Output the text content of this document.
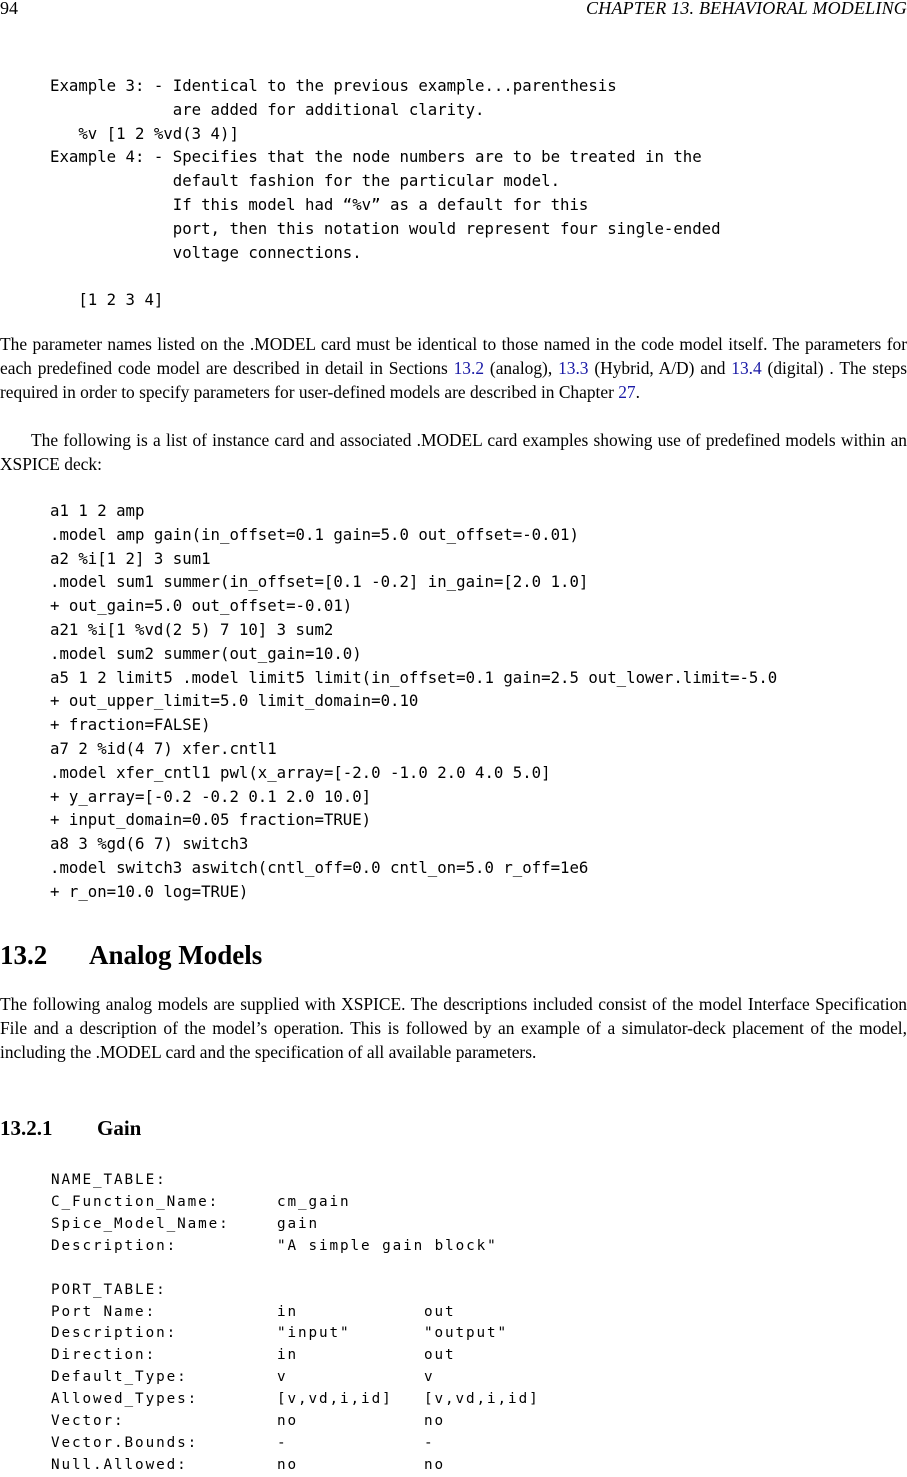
94	CHAPTER 13. BEHAVIORAL MODELING
Example 3: - Identical to the previous example...parenthesis
are added for additional clarity.
%v [1 2 %vd(3 4)]
Example 4: - Specifies that the node numbers are to be treated in the
default fashion for the particular model.
If this model had “%v” as a default for this
port, then this notation would represent four single-ended
voltage connections.

[1 2 3 4]

The parameter names listed on the .MODEL card must be identical to those named in the code model itself. The parameters for each predefined code model are described in detail in Sections 13.2 (analog), 13.3 (Hybrid, A/D) and 13.4 (digital) . The steps required in order to specify parameters for user-defined models are described in Chapter 27.

The following is a list of instance card and associated .MODEL card examples showing use of predefined models within an XSPICE deck:

a1 1 2 amp
.model amp gain(in_offset=0.1 gain=5.0 out_offset=-0.01)
a2 %i[1 2] 3 sum1
.model sum1 summer(in_offset=[0.1 -0.2] in_gain=[2.0 1.0]
+ out_gain=5.0 out_offset=-0.01)
a21 %i[1 %vd(2 5) 7 10] 3 sum2
.model sum2 summer(out_gain=10.0)
a5 1 2 limit5 .model limit5 limit(in_offset=0.1 gain=2.5 out_lower.limit=-5.0
+ out_upper_limit=5.0 limit_domain=0.10
+ fraction=FALSE)
a7 2 %id(4 7) xfer.cntl1
.model xfer_cntl1 pwl(x_array=[-2.0 -1.0 2.0 4.0 5.0]
+ y_array=[-0.2 -0.2 0.1 2.0 10.0]
+ input_domain=0.05 fraction=TRUE)
a8 3 %gd(6 7) switch3
.model switch3 aswitch(cntl_off=0.0 cntl_on=5.0 r_off=1e6
+ r_on=10.0 log=TRUE)
13.2 Analog Models

The following analog models are supplied with XSPICE. The descriptions included consist of the model Interface Specification File and a description of the model’s operation. This is followed by an example of a simulator-deck placement of the model, including the .MODEL card and the specification of all available parameters.

13.2.1 Gain
NAME_TABLE:		
C_Function_Name:	cm_gain	
Spice_Model_Name:	gain	
Description:	"A simple gain block"	

PORT_TABLE:		
Port Name:	in	out
Description:	"input"	"output"
Direction:	in	out
Default_Type:	v	v
Allowed_Types:	[v,vd,i,id]	[v,vd,i,id]
Vector:	no	no
Vector.Bounds:	-	-
Null.Allowed:	no	no
